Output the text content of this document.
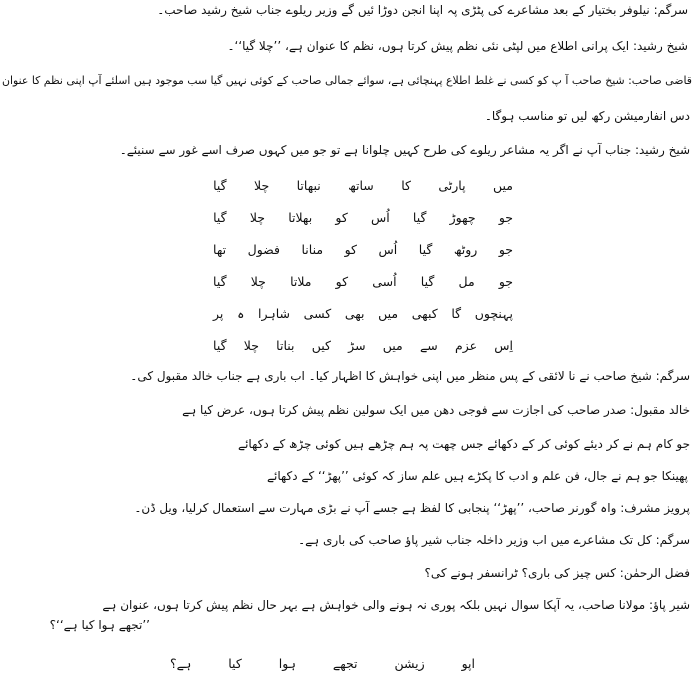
سرگم: نیلوفر بختیار کے بعد مشاعرے کی پٹڑی پہ اپنا انجن دوڑا ئیں گے وزیر ریلوے جناب شیخ رشید صاحب۔
شیخ رشید: ایک پرانی اطلاع میں لپٹی نئی نظم پیش کرتا ہوں، نظم کا عنوان ہے، ’’چلا گیا‘‘۔
قاضی صاحب: شیخ صاحب آ پ کو کسی نے غلط اطلاع پہنچائی ہے، سوائے جمالی صاحب کے کوئی نہیں گیا سب موجود ہیں اسلئے آپ اپنی نظم کا عنوان
دس انفارمیشن رکھ لیں تو مناسب ہوگا۔
شیخ رشید: جناب آپ نے اگر یہ مشاعر ریلوے کی طرح کہیں چلوانا ہے تو جو میں کہوں صرف اسے غور سے سنیئے۔
میں
پارٹی
کا
ساتھ
نبھاتا
چلا
گیا
جو
چھوڑ
گیا
اُس
کو
بھلاتا
چلا
گیا
جو
روٹھ
گیا
اُس
کو
منانا
فضول
تھا
جو
مل
گیا
اُسی
کو
ملاتا
چلا
گیا
پہنچوں
گا
کبھی
میں
بھی
کسی
شاہرا
ہ
پر
اِس
عزم
سے
میں
سڑ
کیں
بناتا
چلا
گیا
سرگم: شیخ صاحب نے نا لائقی کے پس منظر میں اپنی خواہش کا اظہار کیا۔ اب باری ہے جناب خالد مقبول کی۔
خالد مقبول: صدر صاحب کی اجازت سے فوجی دھن میں ایک سولین نظم پیش کرتا ہوں، عرض کیا ہے
جو کام ہم نے کر دیئے کوئی کر کے دکھائے جس چھت پہ ہم چڑھے ہیں کوئی چڑھ کے دکھائے
پھینکا جو ہم نے جال، فن علم و ادب کا پکڑے ہیں علم ساز کہ کوئی ’’پھڑ‘‘ کے دکھائے
پرویز مشرف: واہ گورنر صاحب، ’’پھڑ‘‘ پنجابی کا لفظ ہے جسے آپ نے بڑی مہارت سے استعمال کرلیا، ویل ڈن۔
سرگم: کل تک مشاعرے میں اب وزیر داخلہ جناب شیر پاؤ صاحب کی باری ہے۔
فضل الرحمٰن: کس چیز کی باری؟ ٹرانسفر ہونے کی؟
شیر پاؤ: مولانا صاحب، یہ آپکا سوال نہیں بلکہ پوری نہ ہونے والی خواہش ہے بہر حال نظم پیش کرتا ہوں، عنوان ہے
’’تجھے ہوا کیا ہے‘‘؟
اپو
زیشن
تجھے
ہوا
کیا
ہے؟
